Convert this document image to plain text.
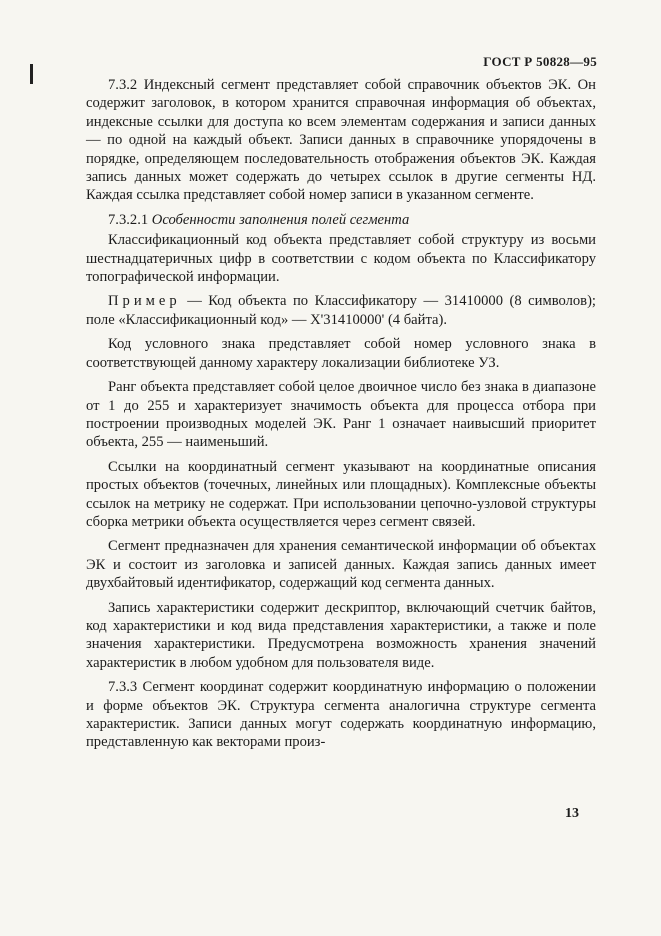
ГОСТ Р 50828—95

7.3.2 Индексный сегмент представляет собой справочник объектов ЭК. Он содержит заголовок, в котором хранится справочная информация об объектах, индексные ссылки для доступа ко всем элементам содержания и записи данных — по одной на каждый объект. Записи данных в справочнике упорядочены в порядке, определяющем последовательность отображения объектов ЭК. Каждая запись данных может содержать до четырех ссылок в другие сегменты НД. Каждая ссылка представляет собой номер записи в указанном сегменте.

7.3.2.1 Особенности заполнения полей сегмента

Классификационный код объекта представляет собой структуру из восьми шестнадцатеричных цифр в соответствии с кодом объекта по Классификатору топографической информации.

Пример — Код объекта по Классификатору — 31410000 (8 символов); поле «Классификационный код» — X'31410000' (4 байта).

Код условного знака представляет собой номер условного знака в соответствующей данному характеру локализации библиотеке УЗ.

Ранг объекта представляет собой целое двоичное число без знака в диапазоне от 1 до 255 и характеризует значимость объекта для процесса отбора при построении производных моделей ЭК. Ранг 1 означает наивысший приоритет объекта, 255 — наименьший.

Ссылки на координатный сегмент указывают на координатные описания простых объектов (точечных, линейных или площадных). Комплексные объекты ссылок на метрику не содержат. При использовании цепочно-узловой структуры сборка метрики объекта осуществляется через сегмент связей.

Сегмент предназначен для хранения семантической информации об объектах ЭК и состоит из заголовка и записей данных. Каждая запись данных имеет двухбайтовый идентификатор, содержащий код сегмента данных.

Запись характеристики содержит дескриптор, включающий счетчик байтов, код характеристики и код вида представления характеристики, а также и поле значения характеристики. Предусмотрена возможность хранения значений характеристик в любом удобном для пользователя виде.

7.3.3 Сегмент координат содержит координатную информацию о положении и форме объектов ЭК. Структура сегмента аналогична структуре сегмента характеристик. Записи данных могут содержать координатную информацию, представленную как векторами произ-

13
